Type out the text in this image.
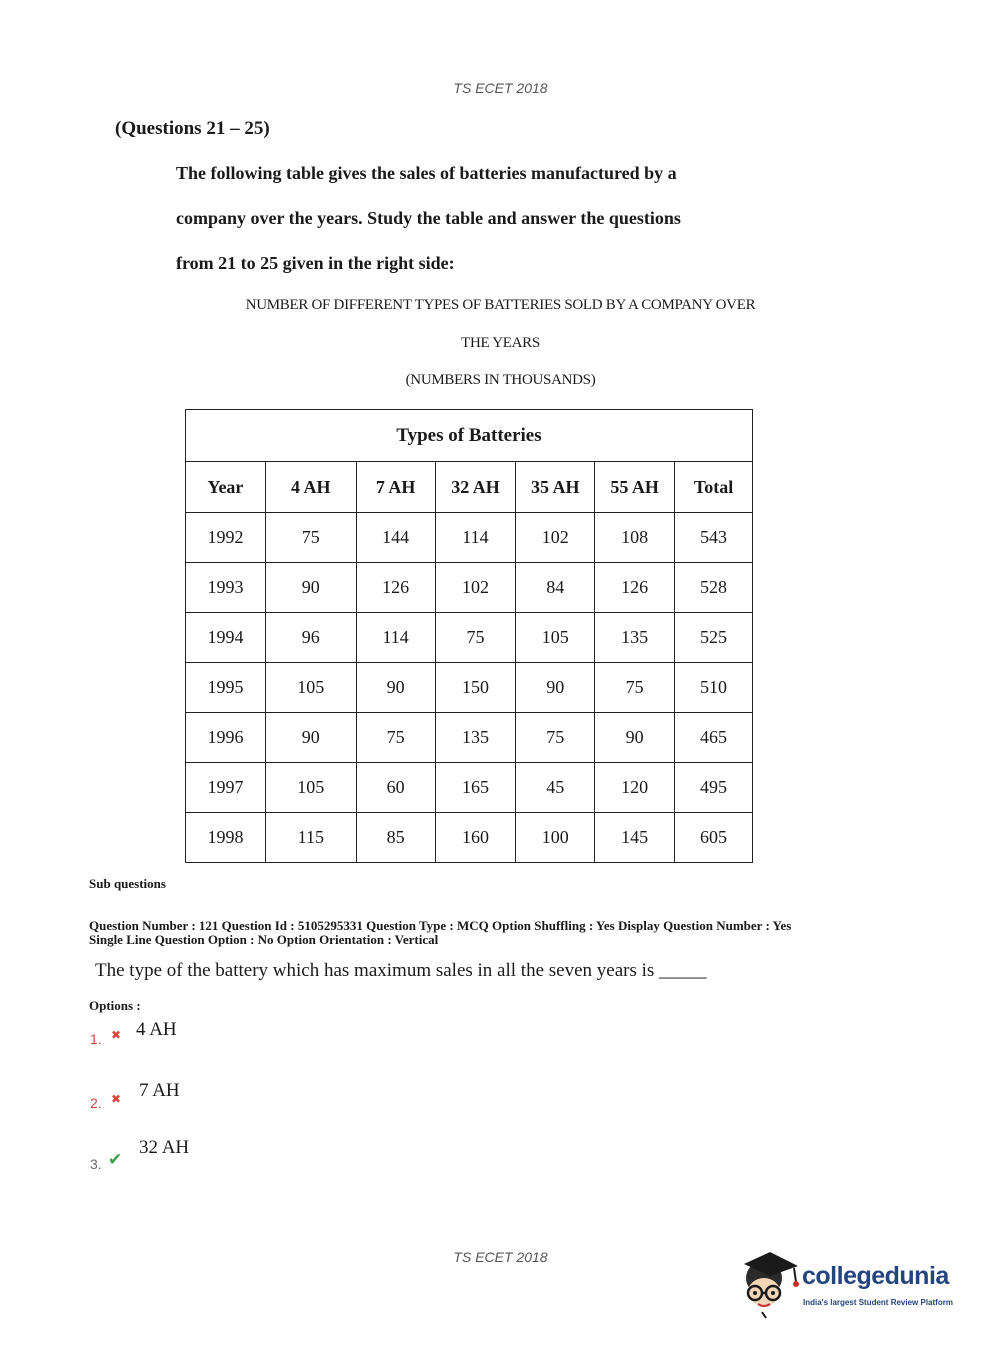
TS ECET 2018
(Questions 21 – 25)
The following table gives the sales of batteries manufactured by a
company over the years. Study the table and answer the questions
from 21 to 25 given in the right side:
NUMBER OF DIFFERENT TYPES OF BATTERIES SOLD BY A COMPANY OVER
THE YEARS
(NUMBERS IN THOUSANDS)
Types of Batteries						
Year	4 AH	7 AH	32 AH	35 AH	55 AH	Total
1992	75	144	114	102	108	543
1993	90	126	102	84	126	528
1994	96	114	75	105	135	525
1995	105	90	150	90	75	510
1996	90	75	135	75	90	465
1997	105	60	165	45	120	495
1998	115	85	160	100	145	605
Sub questions
Question Number : 121 Question Id : 5105295331 Question Type : MCQ Option Shuffling : Yes Display Question Number : Yes
Single Line Question Option : No Option Orientation : Vertical
The type of the battery which has maximum sales in all the seven years is _____
Options :
1. ✖ 4 AH
2. ✖ 7 AH
3. ✔
32 AH
TS ECET 2018
collegedunia
India's largest Student Review Platform
